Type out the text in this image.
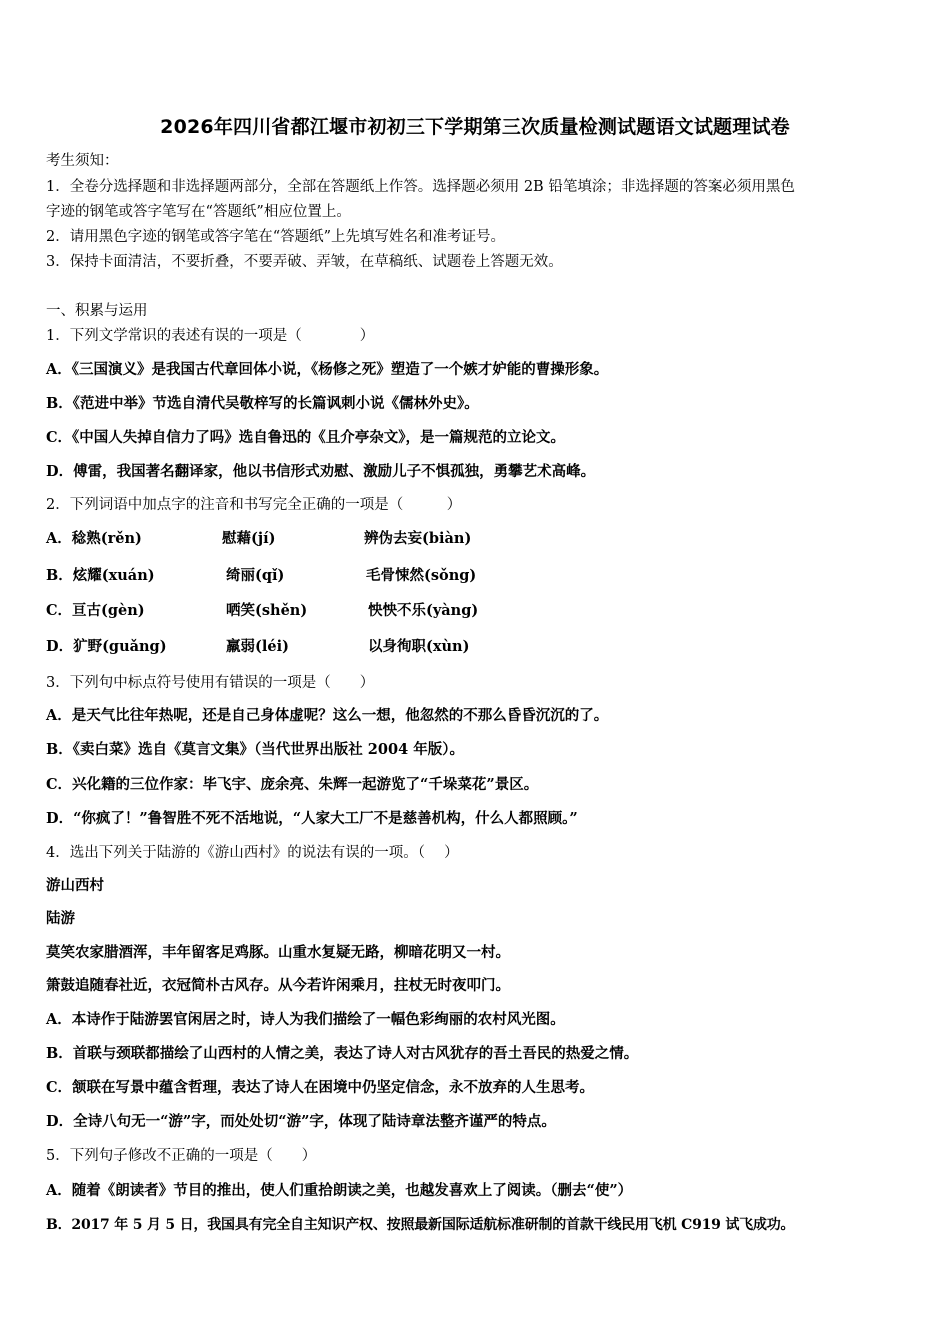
2026年四川省都江堰市初初三下学期第三次质量检测试题语文试题理试卷
考生须知：
1．全卷分选择题和非选择题两部分，全部在答题纸上作答。选择题必须用 2B 铅笔填涂；非选择题的答案必须用黑色
字迹的钢笔或答字笔写在“答题纸”相应位置上。
2．请用黑色字迹的钢笔或答字笔在“答题纸”上先填写姓名和准考证号。
3．保持卡面清洁，不要折叠，不要弄破、弄皱，在草稿纸、试题卷上答题无效。
一、积累与运用
1．下列文学常识的表述有误的一项是（　　　　）
A．《三国演义》是我国古代章回体小说，《杨修之死》塑造了一个嫉才妒能的曹操形象。
B．《范进中举》节选自清代吴敬梓写的长篇讽刺小说《儒林外史》。
C．《中国人失掉自信力了吗》选自鲁迅的《且介亭杂文》，是一篇规范的立论文。
D．傅雷，我国著名翻译家，他以书信形式劝慰、激励儿子不惧孤独，勇攀艺术高峰。
2．下列词语中加点字的注音和书写完全正确的一项是（　　　）
A．稔熟(rěn)	慰藉(jí)	辨伪去妄(biàn)
B．炫耀(xuán)	绮丽(qǐ)	毛骨悚然(sǒng)
C．亘古(gèn)	哂笑(shěn)	怏怏不乐(yàng)
D．犷野(guǎng)	羸弱(léi)	以身徇职(xùn)
3．下列句中标点符号使用有错误的一项是（　　）
A．是天气比往年热呢，还是自己身体虚呢？这么一想，他忽然的不那么昏昏沉沉的了。
B．《卖白菜》选自《莫言文集》（当代世界出版社 2004 年版）。
C．兴化籍的三位作家：毕飞宇、庞余亮、朱辉一起游览了“千垛菜花”景区。
D．“你疯了！”鲁智胜不死不活地说，“人家大工厂不是慈善机构，什么人都照顾。”
4．选出下列关于陆游的《游山西村》的说法有误的一项。（　 ）
游山西村
陆游
莫笑农家腊酒浑，丰年留客足鸡豚。山重水复疑无路，柳暗花明又一村。
箫鼓追随春社近，衣冠简朴古风存。从今若许闲乘月，拄杖无时夜叩门。
A．本诗作于陆游罢官闲居之时，诗人为我们描绘了一幅色彩绚丽的农村风光图。
B．首联与颈联都描绘了山西村的人情之美，表达了诗人对古风犹存的吾土吾民的热爱之情。
C．颔联在写景中蕴含哲理，表达了诗人在困境中仍坚定信念，永不放弃的人生思考。
D．全诗八句无一“游”字，而处处切“游”字，体现了陆诗章法整齐谨严的特点。
5．下列句子修改不正确的一项是（　　）
A．随着《朗读者》节目的推出，使人们重拾朗读之美，也越发喜欢上了阅读。（删去“使”）
B．2017 年 5 月 5 日，我国具有完全自主知识产权、按照最新国际适航标准研制的首款干线民用飞机 C919 试飞成功。
